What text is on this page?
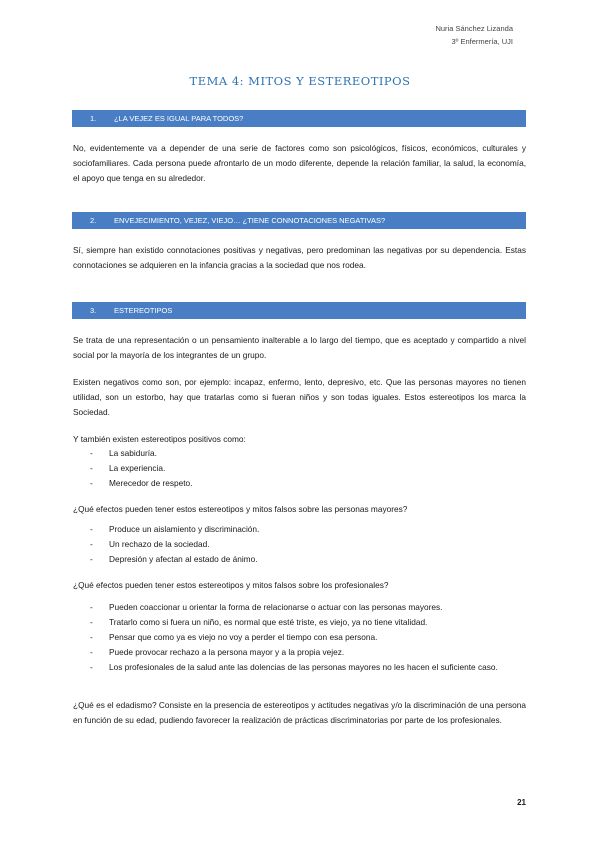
Nuria Sánchez Lizanda
3º Enfermería, UJI
TEMA 4: MITOS Y ESTEREOTIPOS
1. ¿LA VEJEZ ES IGUAL PARA TODOS?
No, evidentemente va a depender de una serie de factores como son psicológicos, físicos, económicos, culturales y sociofamiliares. Cada persona puede afrontarlo de un modo diferente, depende la relación familiar, la salud, la economía, el apoyo que tenga en su alrededor.
2. ENVEJECIMIENTO, VEJEZ, VIEJO… ¿TIENE CONNOTACIONES NEGATIVAS?
Sí, siempre han existido connotaciones positivas y negativas, pero predominan las negativas por su dependencia. Estas connotaciones se adquieren en la infancia gracias a la sociedad que nos rodea.
3. ESTEREOTIPOS
Se trata de una representación o un pensamiento inalterable a lo largo del tiempo, que es aceptado y compartido a nivel social por la mayoría de los integrantes de un grupo.
Existen negativos como son, por ejemplo: incapaz, enfermo, lento, depresivo, etc. Que las personas mayores no tienen utilidad, son un estorbo, hay que tratarlas como si fueran niños y son todas iguales. Estos estereotipos los marca la Sociedad.
Y también existen estereotipos positivos como:
- La sabiduría.
- La experiencia.
- Merecedor de respeto.
¿Qué efectos pueden tener estos estereotipos y mitos falsos sobre las personas mayores?
- Produce un aislamiento y discriminación.
- Un rechazo de la sociedad.
- Depresión y afectan al estado de ánimo.
¿Qué efectos pueden tener estos estereotipos y mitos falsos sobre los profesionales?
- Pueden coaccionar u orientar la forma de relacionarse o actuar con las personas mayores.
- Tratarlo como si fuera un niño, es normal que esté triste, es viejo, ya no tiene vitalidad.
- Pensar que como ya es viejo no voy a perder el tiempo con esa persona.
- Puede provocar rechazo a la persona mayor y a la propia vejez.
- Los profesionales de la salud ante las dolencias de las personas mayores no les hacen el suficiente caso.
¿Qué es el edadismo? Consiste en la presencia de estereotipos y actitudes negativas y/o la discriminación de una persona en función de su edad, pudiendo favorecer la realización de prácticas discriminatorias por parte de los profesionales.
21
